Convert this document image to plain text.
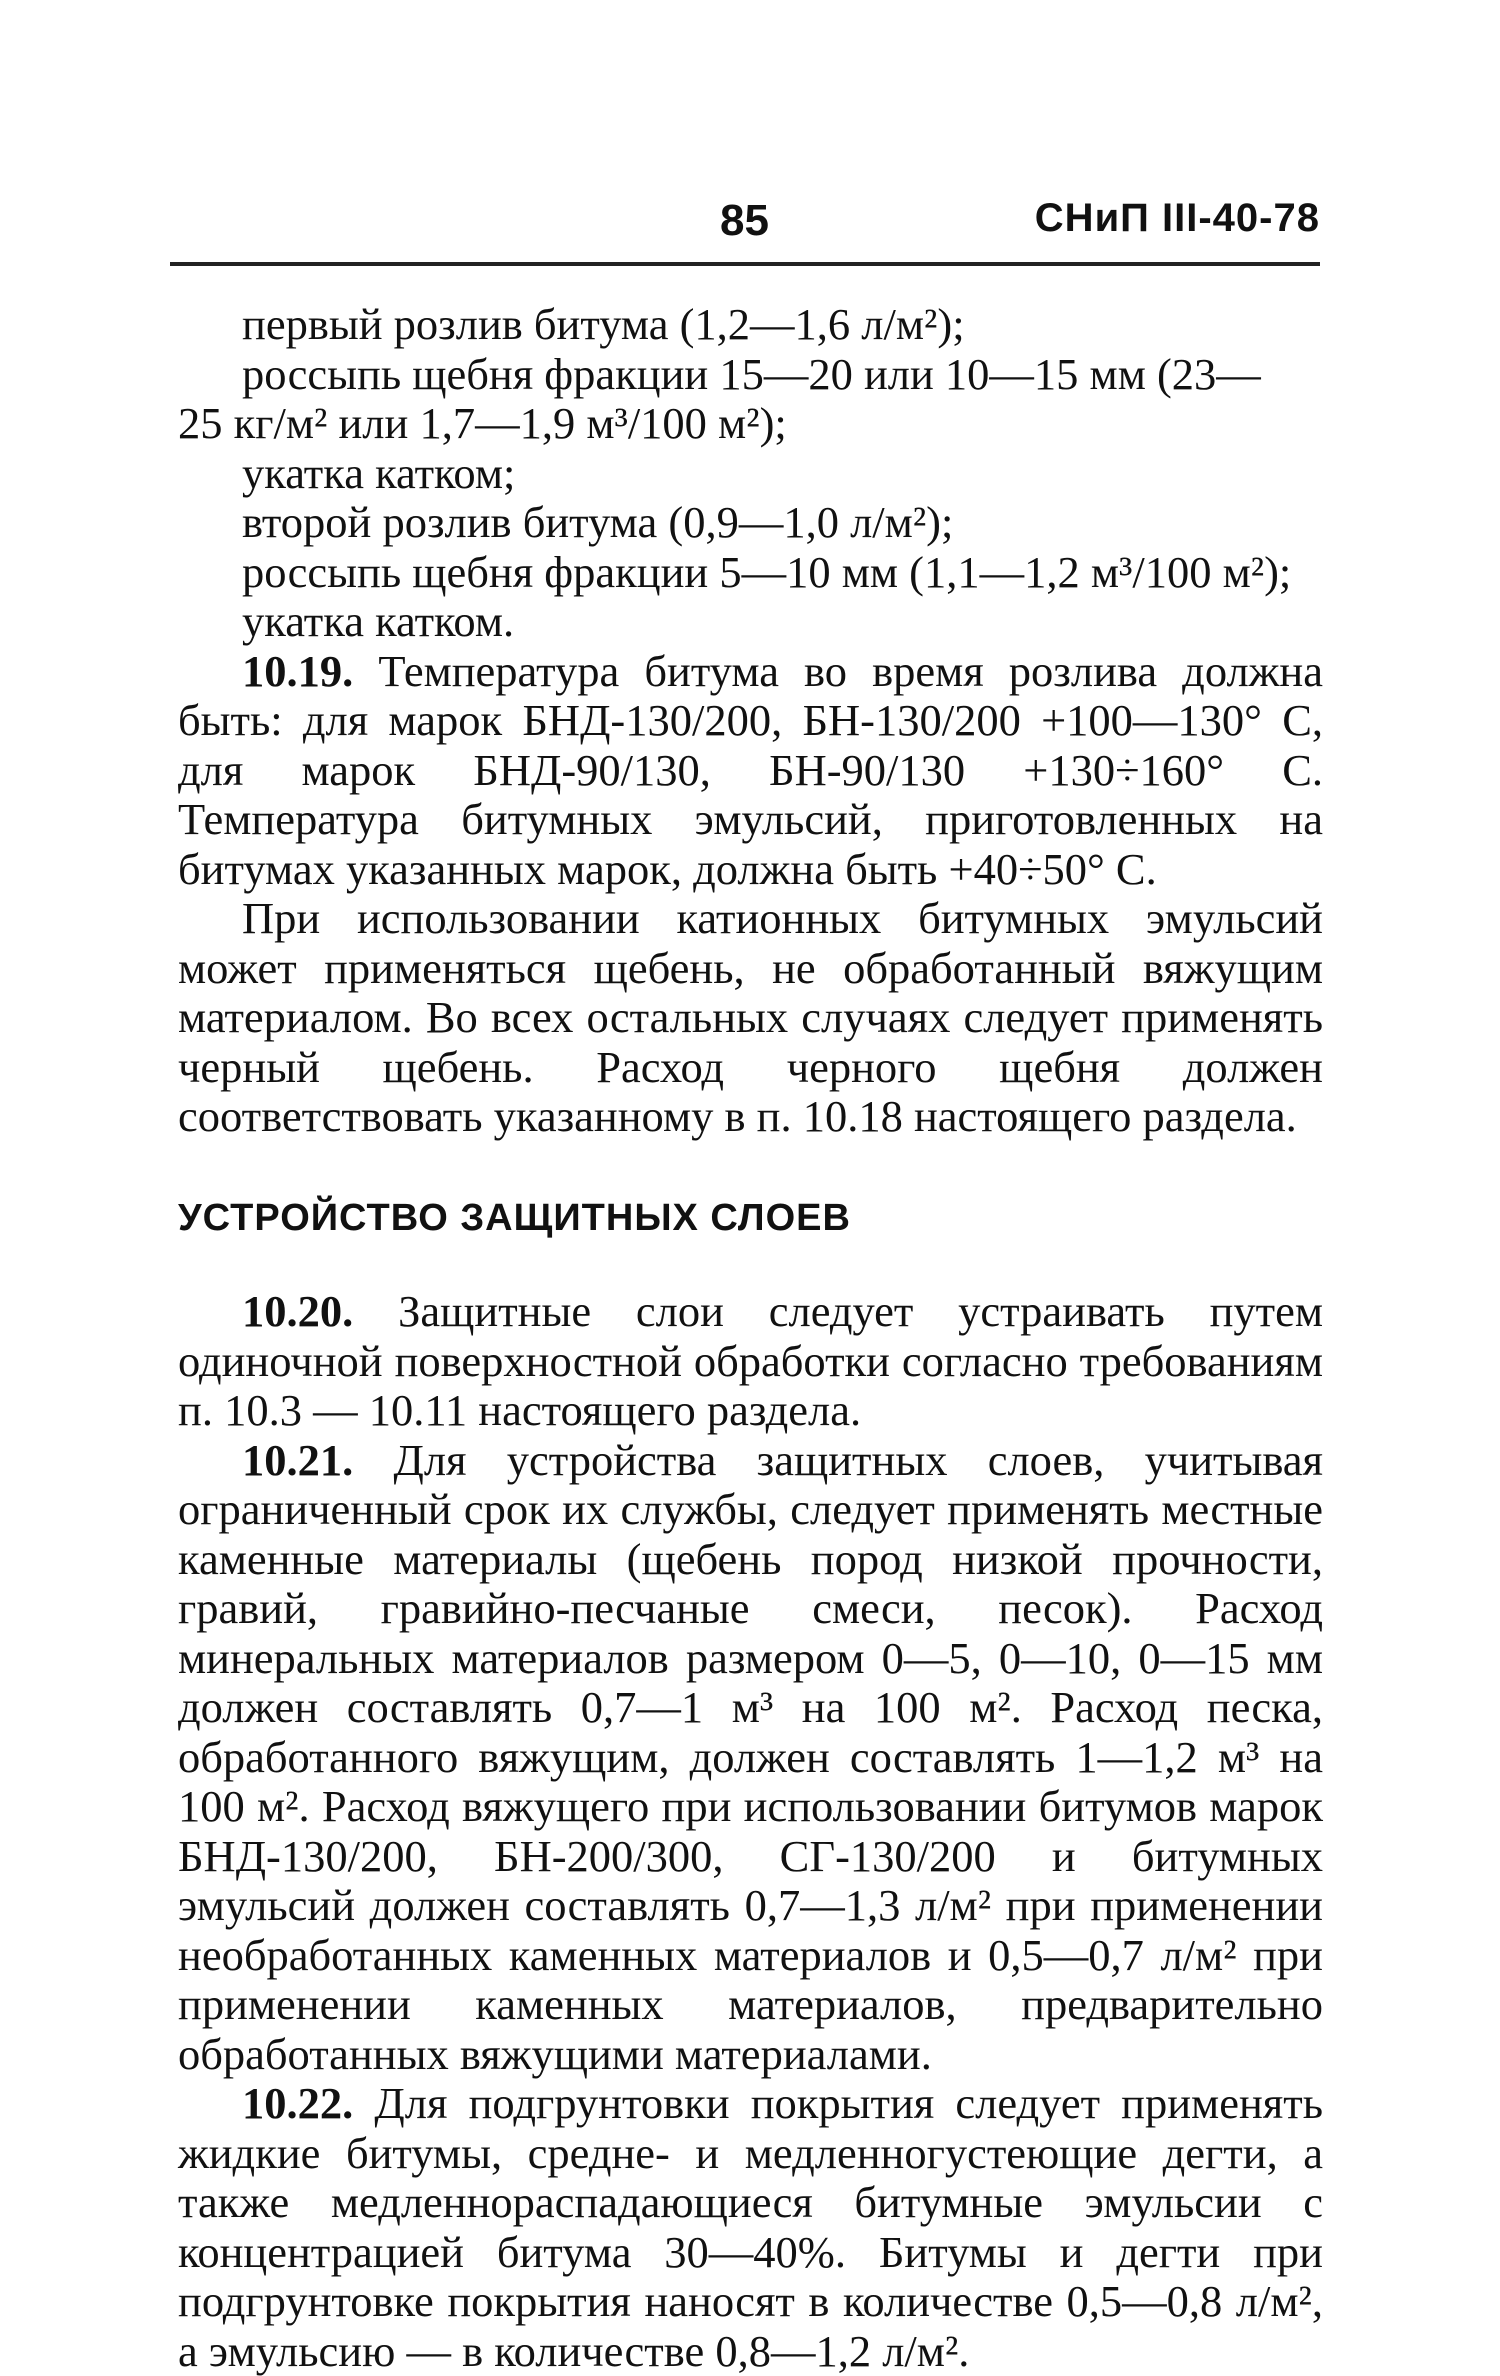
85	СНиП III-40-78

первый розлив битума (1,2—1,6 л/м²);

россыпь щебня фракции 15—20 или 10—15 мм (23—

25 кг/м² или 1,7—1,9 м³/100 м²);

укатка катком;

второй розлив битума (0,9—1,0 л/м²);

россыпь щебня фракции 5—10 мм (1,1—1,2 м³/100 м²);

укатка катком.

10.19. Температура битума во время розлива должна быть: для марок БНД-130/200, БН-130/200 +100—130° С, для марок БНД-90/130, БН-90/130 +130÷160° С. Температура битумных эмульсий, приготовленных на битумах указанных марок, должна быть +40÷50° С.

При использовании катионных битумных эмульсий может применяться щебень, не обработанный вяжущим материалом. Во всех остальных случаях следует применять черный щебень. Расход черного щебня должен соответствовать указанному в п. 10.18 настоящего раздела.

УСТРОЙСТВО ЗАЩИТНЫХ СЛОЕВ

10.20. Защитные слои следует устраивать путем одиночной поверхностной обработки согласно требованиям п. 10.3 — 10.11 настоящего раздела.

10.21. Для устройства защитных слоев, учитывая ограниченный срок их службы, следует применять местные каменные материалы (щебень пород низкой прочности, гравий, гравийно-песчаные смеси, песок). Расход минеральных материалов размером 0—5, 0—10, 0—15 мм должен составлять 0,7—1 м³ на 100 м². Расход песка, обработанного вяжущим, должен составлять 1—1,2 м³ на 100 м². Расход вяжущего при использовании битумов марок БНД-130/200, БН-200/300, СГ-130/200 и битумных эмульсий должен составлять 0,7—1,3 л/м² при применении необработанных каменных материалов и 0,5—0,7 л/м² при применении каменных материалов, предварительно обработанных вяжущими материалами.

10.22. Для подгрунтовки покрытия следует применять жидкие битумы, средне- и медленногустеющие дегти, а также медленнораспадающиеся битумные эмульсии с концентрацией битума 30—40%. Битумы и дегти при подгрунтовке покрытия наносят в количестве 0,5—0,8 л/м², а эмульсию — в количестве 0,8—1,2 л/м².
